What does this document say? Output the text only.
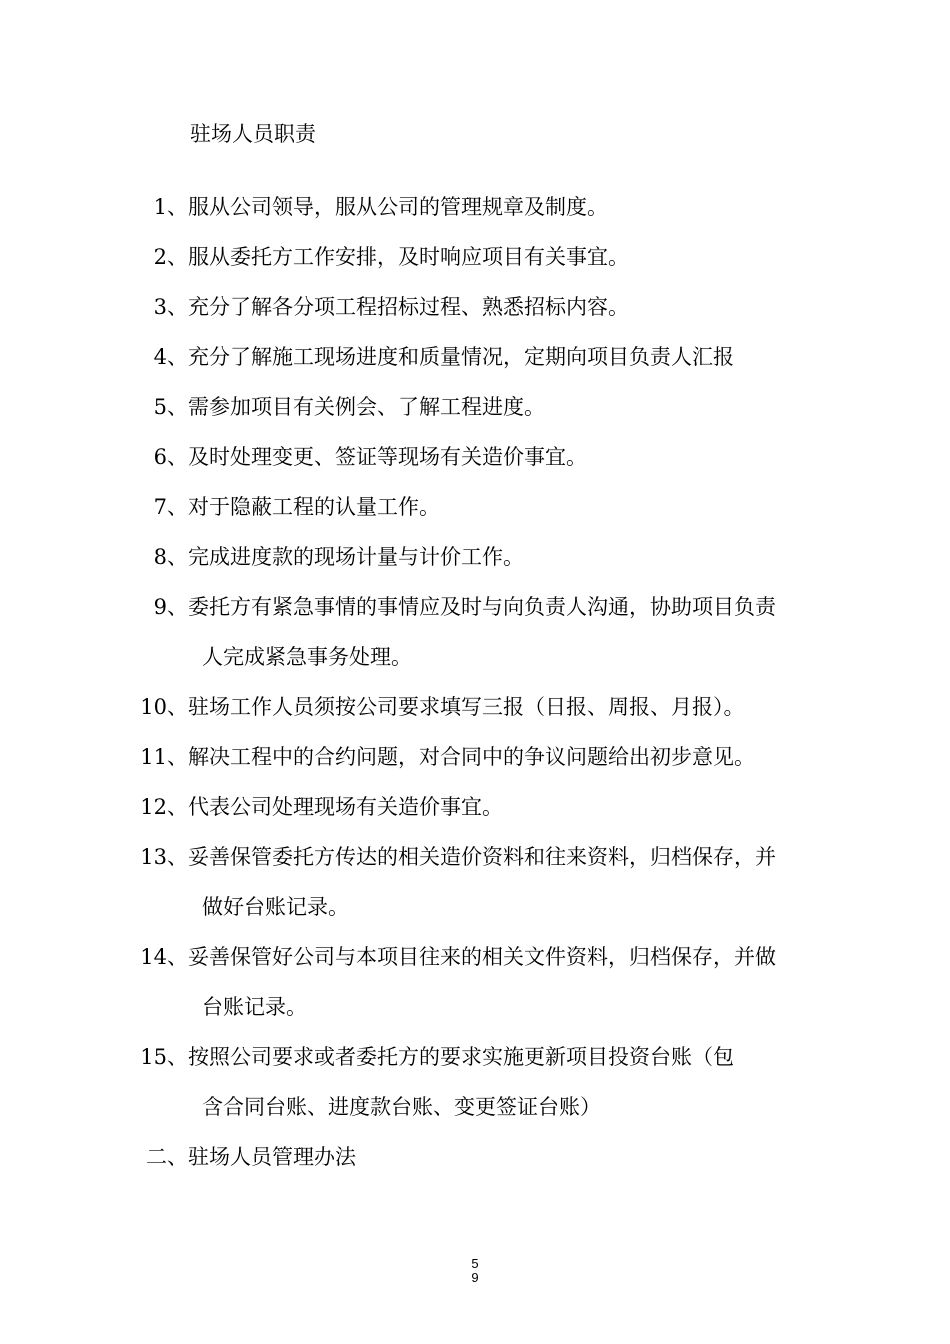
驻场人员职责
1、 服从公司领导，服从公司的管理规章及制度。
2、 服从委托方工作安排，及时响应项目有关事宜。
3、 充分了解各分项工程招标过程、熟悉招标内容。
4、 充分了解施工现场进度和质量情况，定期向项目负责人汇报
5、 需参加项目有关例会、了解工程进度。
6、 及时处理变更、签证等现场有关造价事宜。
7、 对于隐蔽工程的认量工作。
8、 完成进度款的现场计量与计价工作。
9、 委托方有紧急事情的事情应及时与向负责人沟通，协助项目负责
人完成紧急事务处理。
10、 驻场工作人员须按公司要求填写三报（日报、周报、月报）。
11、 解决工程中的合约问题，对合同中的争议问题给出初步意见。
12、 代表公司处理现场有关造价事宜。
13、 妥善保管委托方传达的相关造价资料和往来资料，归档保存，并
做好台账记录。
14、 妥善保管好公司与本项目往来的相关文件资料，归档保存，并做
台账记录。
15、 按照公司要求或者委托方的要求实施更新项目投资台账（包
含合同台账、进度款台账、变更签证台账）
二、 驻场人员管理办法
5
9
